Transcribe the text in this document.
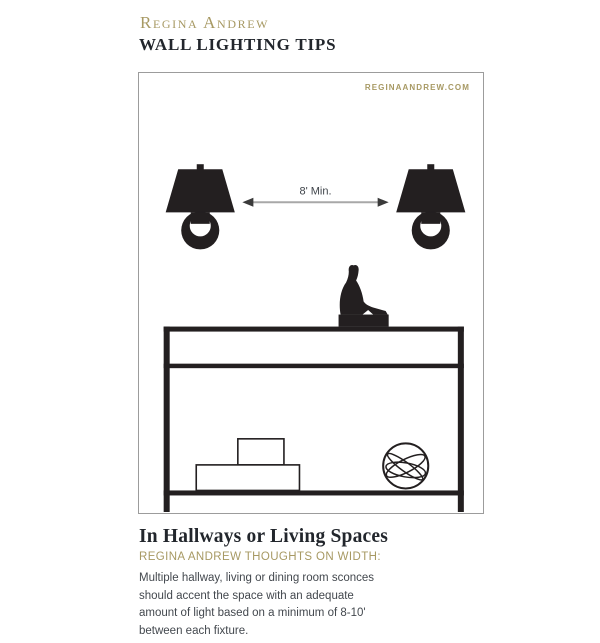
Regina Andrew
WALL LIGHTING TIPS
8' Min.
REGINAANDREW.COM
In Hallways or Living Spaces
REGINA ANDREW THOUGHTS ON WIDTH:
Multiple hallway, living or dining room sconces
should accent the space with an adequate
amount of light based on a minimum of 8-10'
between each fixture.
